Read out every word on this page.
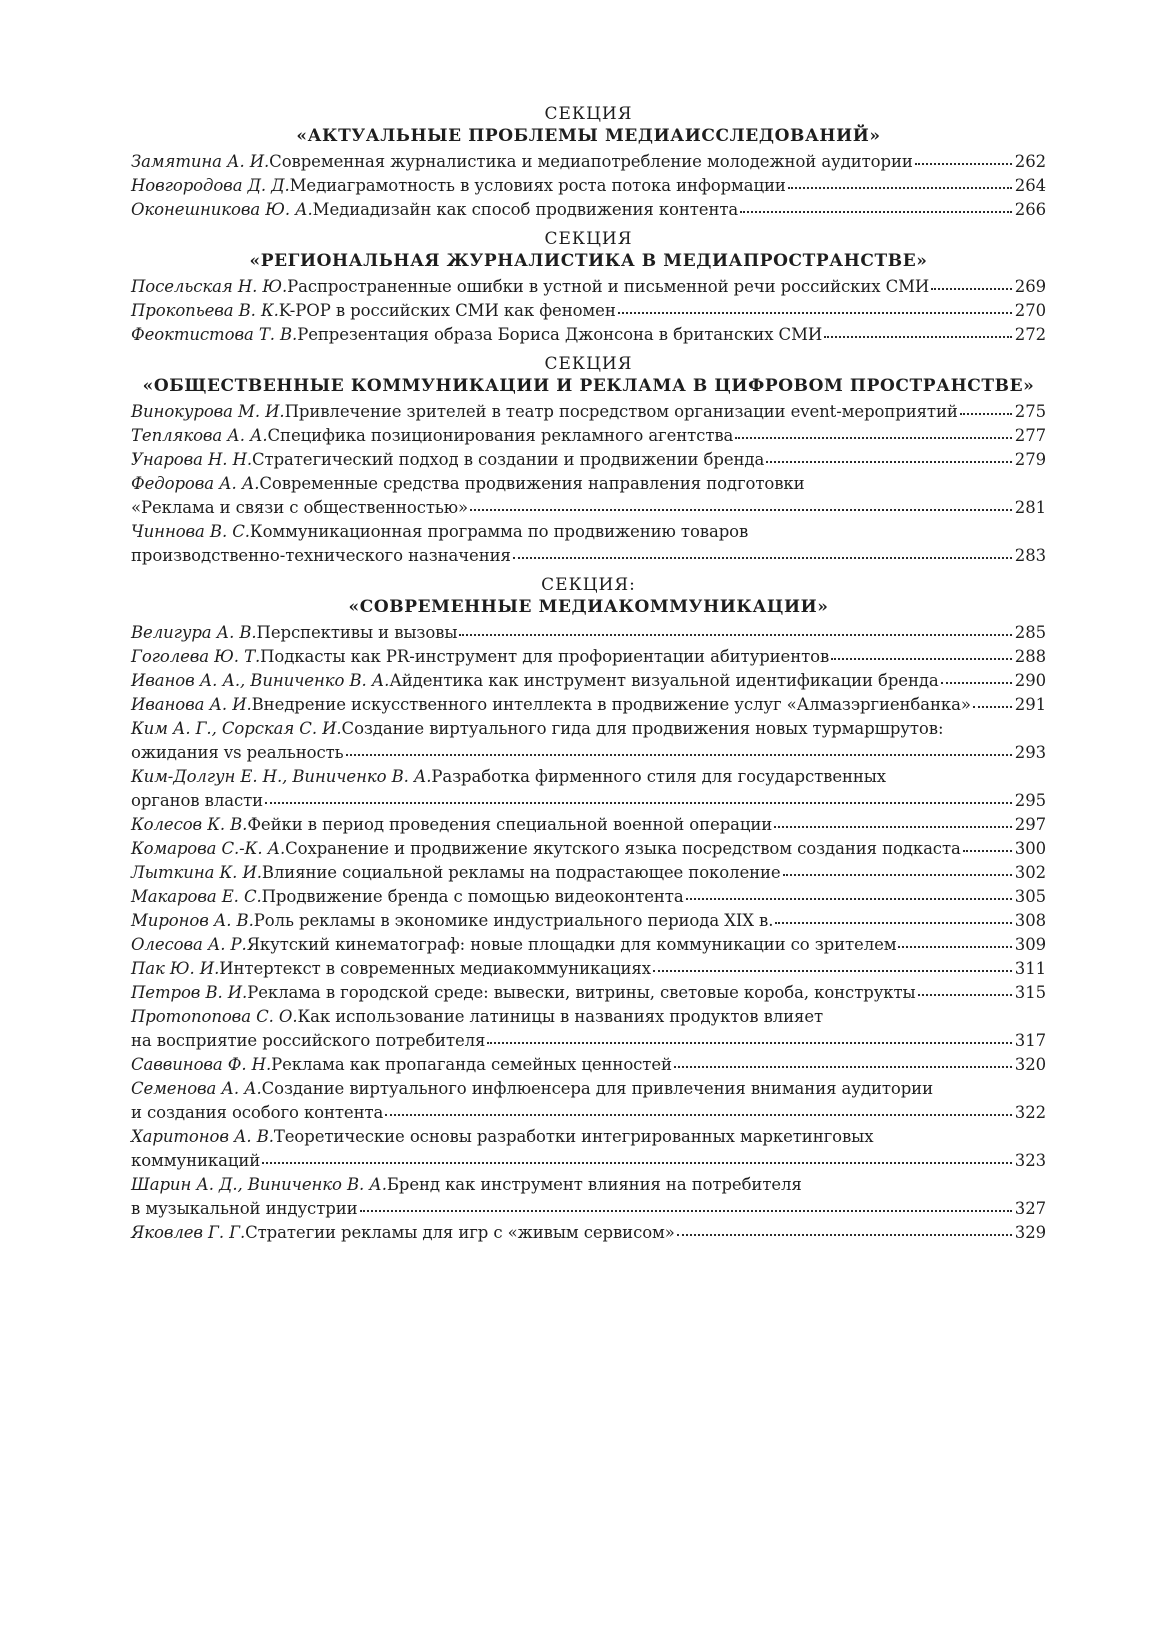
СЕКЦИЯ
«АКТУАЛЬНЫЕ ПРОБЛЕМЫ МЕДИАИССЛЕДОВАНИЙ»
Замятина А. И. Современная журналистика и медиапотребление молодежной аудитории	262
Новгородова Д. Д. Медиаграмотность в условиях роста потока информации	264
Оконешникова Ю. А. Медиадизайн как способ продвижения контента	266
СЕКЦИЯ
«РЕГИОНАЛЬНАЯ ЖУРНАЛИСТИКА В МЕДИАПРОСТРАНСТВЕ»
Посельская Н. Ю. Распространенные ошибки в устной и письменной речи российских СМИ	269
Прокопьева В. К. K-POP в российских СМИ как феномен	270
Феоктистова Т. В. Репрезентация образа Бориса Джонсона в британских СМИ	272
СЕКЦИЯ
«ОБЩЕСТВЕННЫЕ КОММУНИКАЦИИ И РЕКЛАМА В ЦИФРОВОМ ПРОСТРАНСТВЕ»
Винокурова М. И. Привлечение зрителей в театр посредством организации event-мероприятий	275
Теплякова А. А. Специфика позиционирования рекламного агентства	277
Унарова Н. Н. Стратегический подход в создании и продвижении бренда	279
Федорова А. А. Современные средства продвижения направления подготовки
«Реклама и связи с общественностью»	281
Чиннова В. С. Коммуникационная программа по продвижению товаров
производственно-технического назначения	283
СЕКЦИЯ:
«СОВРЕМЕННЫЕ МЕДИАКОММУНИКАЦИИ»
Велигура А. В. Перспективы и вызовы	285
Гоголева Ю. Т. Подкасты как PR-инструмент для профориентации абитуриентов	288
Иванов А. А., Виниченко В. А. Айдентика как инструмент визуальной идентификации бренда	290
Иванова А. И. Внедрение искусственного интеллекта в продвижение услуг «Алмазэргиенбанка»	291
Ким А. Г., Сорская С. И. Создание виртуального гида для продвижения новых турмаршрутов:
ожидания vs реальность	293
Ким-Долгун Е. Н., Виниченко В. А. Разработка фирменного стиля для государственных
органов власти	295
Колесов К. В. Фейки в период проведения специальной военной операции	297
Комарова С.-К. А. Сохранение и продвижение якутского языка посредством создания подкаста	300
Лыткина К. И. Влияние социальной рекламы на подрастающее поколение	302
Макарова Е. С. Продвижение бренда с помощью видеоконтента	305
Миронов А. В. Роль рекламы в экономике индустриального периода XIX в.	308
Олесова А. Р. Якутский кинематограф: новые площадки для коммуникации со зрителем	309
Пак Ю. И. Интертекст в современных медиакоммуникациях	311
Петров В. И. Реклама в городской среде: вывески, витрины, световые короба, конструкты	315
Протопопова С. О. Как использование латиницы в названиях продуктов влияет
на восприятие российского потребителя	317
Саввинова Ф. Н. Реклама как пропаганда семейных ценностей	320
Семенова А. А. Создание виртуального инфлюенсера для привлечения внимания аудитории
и создания особого контента	322
Харитонов А. В. Теоретические основы разработки интегрированных маркетинговых
коммуникаций	323
Шарин А. Д., Виниченко В. А. Бренд как инструмент влияния на потребителя
в музыкальной индустрии	327
Яковлев Г. Г. Стратегии рекламы для игр с «живым сервисом»	329
